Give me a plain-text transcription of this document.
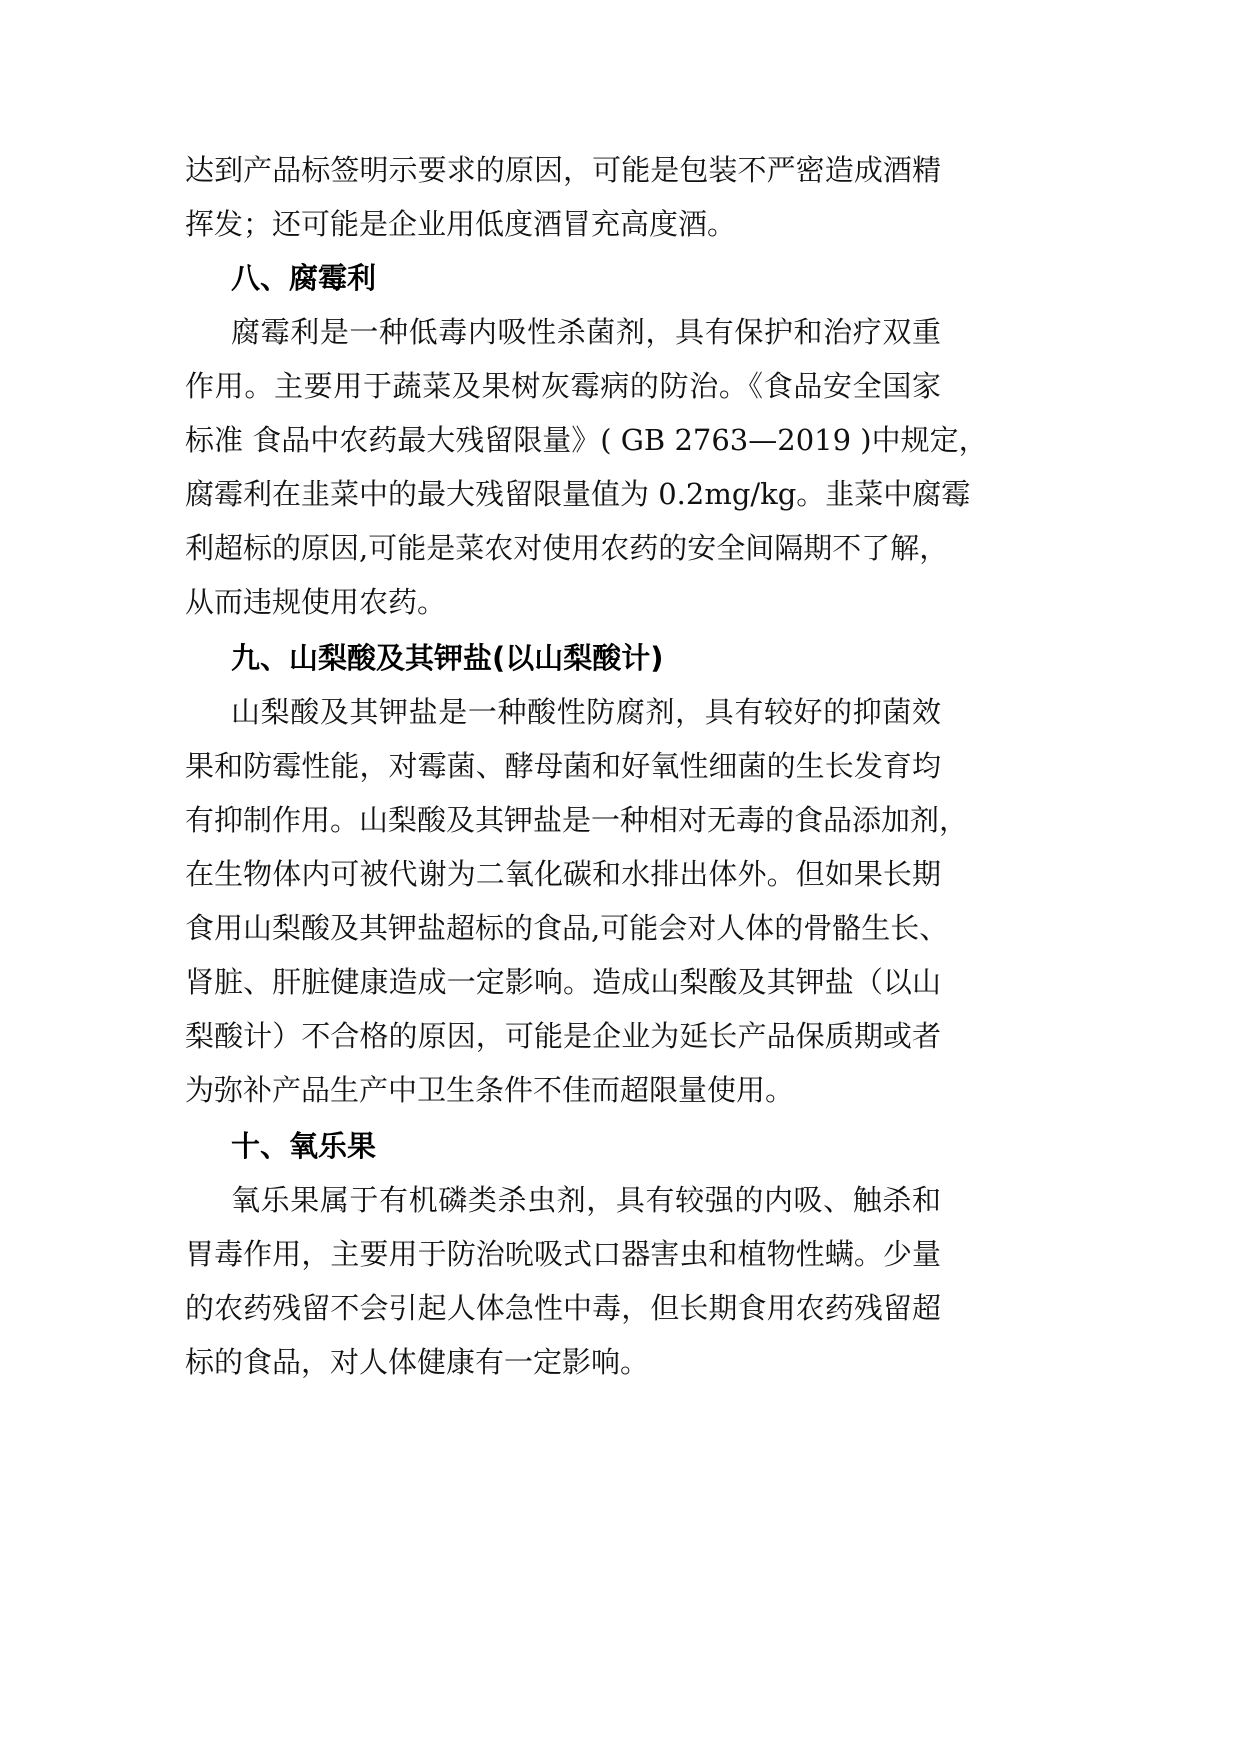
达到产品标签明示要求的原因，可能是包装不严密造成酒精
挥发；还可能是企业用低度酒冒充高度酒。
八、腐霉利
腐霉利是一种低毒内吸性杀菌剂，具有保护和治疗双重
作用。主要用于蔬菜及果树灰霉病的防治。《食品安全国家
标准 食品中农药最大残留限量》( GB 2763—2019 )中规定，
腐霉利在韭菜中的最大残留限量值为 0.2mg/kg。韭菜中腐霉
利超标的原因,可能是菜农对使用农药的安全间隔期不了解，
从而违规使用农药。
九、山梨酸及其钾盐(以山梨酸计)
山梨酸及其钾盐是一种酸性防腐剂，具有较好的抑菌效
果和防霉性能，对霉菌、酵母菌和好氧性细菌的生长发育均
有抑制作用。山梨酸及其钾盐是一种相对无毒的食品添加剂，
在生物体内可被代谢为二氧化碳和水排出体外。但如果长期
食用山梨酸及其钾盐超标的食品,可能会对人体的骨骼生长、
肾脏、肝脏健康造成一定影响。造成山梨酸及其钾盐（以山
梨酸计）不合格的原因，可能是企业为延长产品保质期或者
为弥补产品生产中卫生条件不佳而超限量使用。
十、氧乐果
氧乐果属于有机磷类杀虫剂，具有较强的内吸、触杀和
胃毒作用，主要用于防治吮吸式口器害虫和植物性螨。少量
的农药残留不会引起人体急性中毒，但长期食用农药残留超
标的食品，对人体健康有一定影响。
